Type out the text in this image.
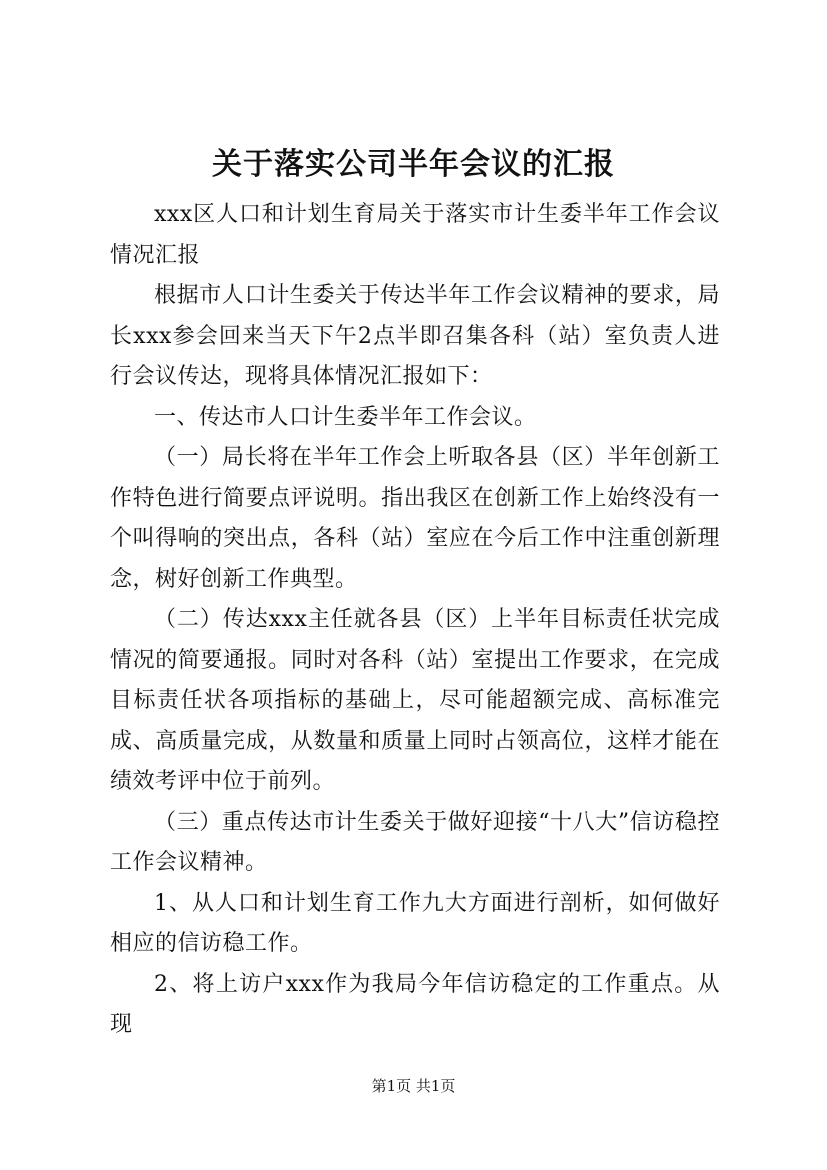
关于落实公司半年会议的汇报

xxx区人口和计划生育局关于落实市计生委半年工作会议情况汇报

根据市人口计生委关于传达半年工作会议精神的要求，局长xxx参会回来当天下午2点半即召集各科（站）室负责人进行会议传达，现将具体情况汇报如下：

一、传达市人口计生委半年工作会议。

（一）局长将在半年工作会上听取各县（区）半年创新工作特色进行简要点评说明。指出我区在创新工作上始终没有一个叫得响的突出点，各科（站）室应在今后工作中注重创新理念，树好创新工作典型。

（二）传达xxx主任就各县（区）上半年目标责任状完成情况的简要通报。同时对各科（站）室提出工作要求，在完成目标责任状各项指标的基础上，尽可能超额完成、高标准完成、高质量完成，从数量和质量上同时占领高位，这样才能在绩效考评中位于前列。

（三）重点传达市计生委关于做好迎接“十八大”信访稳控工作会议精神。

1、从人口和计划生育工作九大方面进行剖析，如何做好相应的信访稳工作。

2、将上访户xxx作为我局今年信访稳定的工作重点。从现

第1页 共1页
